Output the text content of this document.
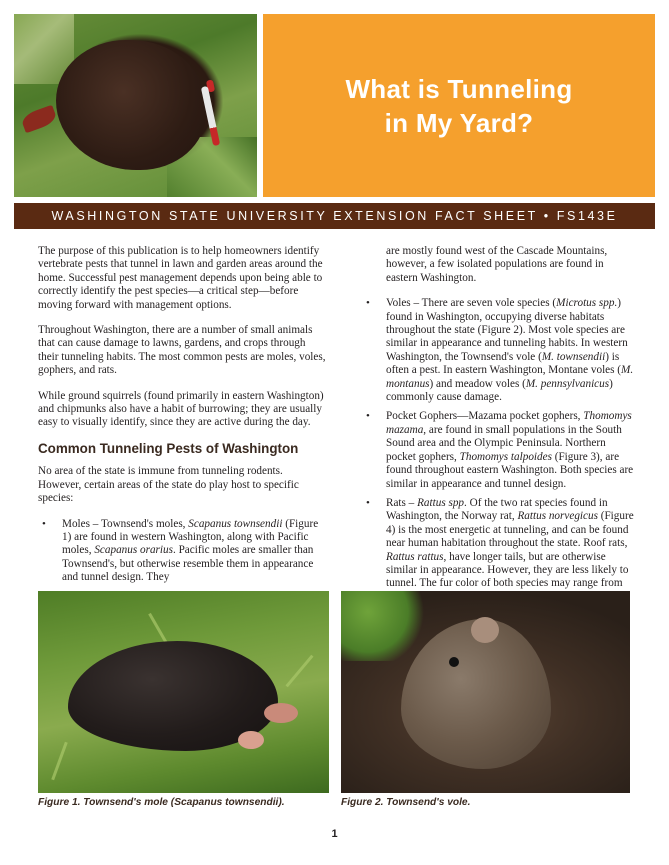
What is Tunneling
in My Yard?
WASHINGTON STATE UNIVERSITY EXTENSION FACT SHEET • FS143E

The purpose of this publication is to help homeowners identify vertebrate pests that tunnel in lawn and garden areas around the home. Successful pest management depends upon being able to correctly identify the pest species—a critical step—before moving forward with management options.

Throughout Washington, there are a number of small animals that can cause damage to lawns, gardens, and crops through their tunneling habits. The most common pests are moles, voles, gophers, and rats.

While ground squirrels (found primarily in eastern Washington) and chipmunks also have a habit of burrowing; they are usually easy to visually identify, since they are active during the day.

Common Tunneling Pests of Washington

No area of the state is immune from tunneling rodents. However, certain areas of the state do play host to specific species:

• Moles – Townsend's moles, Scapanus townsendii (Figure 1) are found in western Washington, along with Pacific moles, Scapanus orarius. Pacific moles are smaller than Townsend's, but otherwise resemble them in appearance and tunnel design. They

are mostly found west of the Cascade Mountains, however, a few isolated populations are found in eastern Washington.

• Voles – There are seven vole species (Microtus spp.) found in Washington, occupying diverse habitats throughout the state (Figure 2). Most vole species are similar in appearance and tunneling habits. In western Washington, the Townsend's vole (M. townsendii) is often a pest. In eastern Washington, Montane voles (M. montanus) and meadow voles (M. pennsylvanicus) commonly cause damage.
• Pocket Gophers—Mazama pocket gophers, Thomomys mazama, are found in small populations in the South Sound area and the Olympic Peninsula. Northern pocket gophers, Thomomys talpoides (Figure 3), are found throughout eastern Washington. Both species are similar in appearance and tunnel design.
• Rats – Rattus spp. Of the two rat species found in Washington, the Norway rat, Rattus norvegicus (Figure 4) is the most energetic at tunneling, and can be found near human habitation throughout the state. Roof rats, Rattus rattus, have longer tails, but are otherwise similar in appearance. However, they are less likely to tunnel. The fur color of both species may range from
Figure 1. Townsend's mole (Scapanus townsendii).	Figure 2. Townsend's vole.
1
